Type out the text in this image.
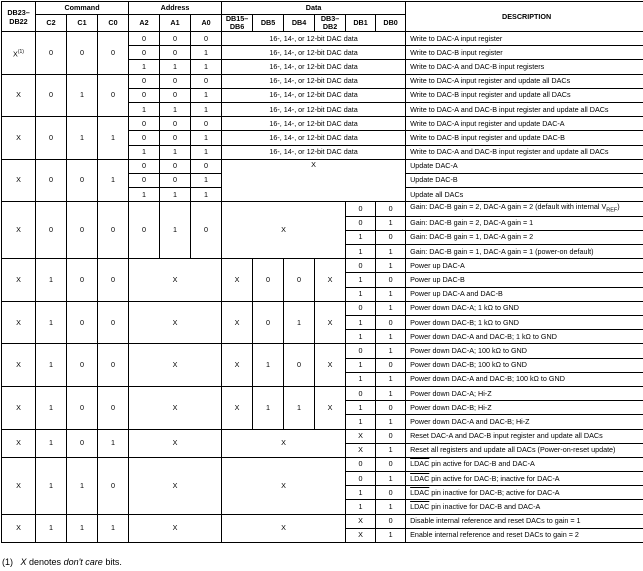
DB23–DB22	Command			Address			Data						DESCRIPTION
	C2	C1	C0	A2	A1	A0	DB15–DB6	DB5	DB4	DB3–DB2	DB1	DB0	
$X^{(1)}$	0	0	0	0	0	0	16-, 14-, or 12-bit DAC data						Write to DAC-A input register
				0	0	1	16-, 14-, or 12-bit DAC data						Write to DAC-B input register
				1	1	1	16-, 14-, or 12-bit DAC data						Write to DAC-A and DAC-B input registers
X	0	1	0	0	0	0	16-, 14-, or 12-bit DAC data						Write to DAC-A input register and update all DACs
				0	0	1	16-, 14-, or 12-bit DAC data						Write to DAC-B input register and update all DACs
				1	1	1	16-, 14-, or 12-bit DAC data						Write to DAC-A and DAC-B input register and update all DACs
X	0	1	1	0	0	0	16-, 14-, or 12-bit DAC data						Write to DAC-A input register and update DAC-A
				0	0	1	16-, 14-, or 12-bit DAC data						Write to DAC-B input register and update DAC-B
				1	1	1	16-, 14-, or 12-bit DAC data						Write to DAC-A and DAC-B input register and update all DACs
X	0	0	1	0	0	0	X						Update DAC-A
				0	0	1							Update DAC-B
				1	1	1							Update all DACs
X	0	0	0	0	1	0	X				0	0	Gain: DAC-B gain = 2, DAC-A gain = 2 (default with internal $V_{REF}$)
											0	1	Gain: DAC-B gain = 2, DAC-A gain = 1
											1	0	Gain: DAC-B gain = 1, DAC-A gain = 2
											1	1	Gain: DAC-B gain = 1, DAC-A gain = 1 (power-on default)
X	1	0	0	X			X	0	0	X	0	1	Power up DAC-A
											1	0	Power up DAC-B
											1	1	Power up DAC-A and DAC-B
X	1	0	0	X			X	0	1	X	0	1	Power down DAC-A; 1 kΩ to GND
											1	0	Power down DAC-B; 1 kΩ to GND
											1	1	Power down DAC-A and DAC-B; 1 kΩ to GND
X	1	0	0	X			X	1	0	X	0	1	Power down DAC-A; 100 kΩ to GND
											1	0	Power down DAC-B; 100 kΩ to GND
											1	1	Power down DAC-A and DAC-B; 100 kΩ to GND
X	1	0	0	X			X	1	1	X	0	1	Power down DAC-A; Hi-Z
											1	0	Power down DAC-B; Hi-Z
											1	1	Power down DAC-A and DAC-B; Hi-Z
X	1	0	1	X			X				X	0	Reset DAC-A and DAC-B input register and update all DACs
											X	1	Reset all registers and update all DACs (Power-on-reset update)
X	1	1	0	X			X				0	0	LDAC pin active for DAC-B and DAC-A
											0	1	LDAC pin active for DAC-B; inactive for DAC-A
											1	0	LDAC pin inactive for DAC-B; active for DAC-A
											1	1	LDAC pin inactive for DAC-B and DAC-A
X	1	1	1	X			X				X	0	Disable internal reference and reset DACs to gain = 1
											X	1	Enable internal reference and reset DACs to gain = 2
(1) X denotes don't care bits.
